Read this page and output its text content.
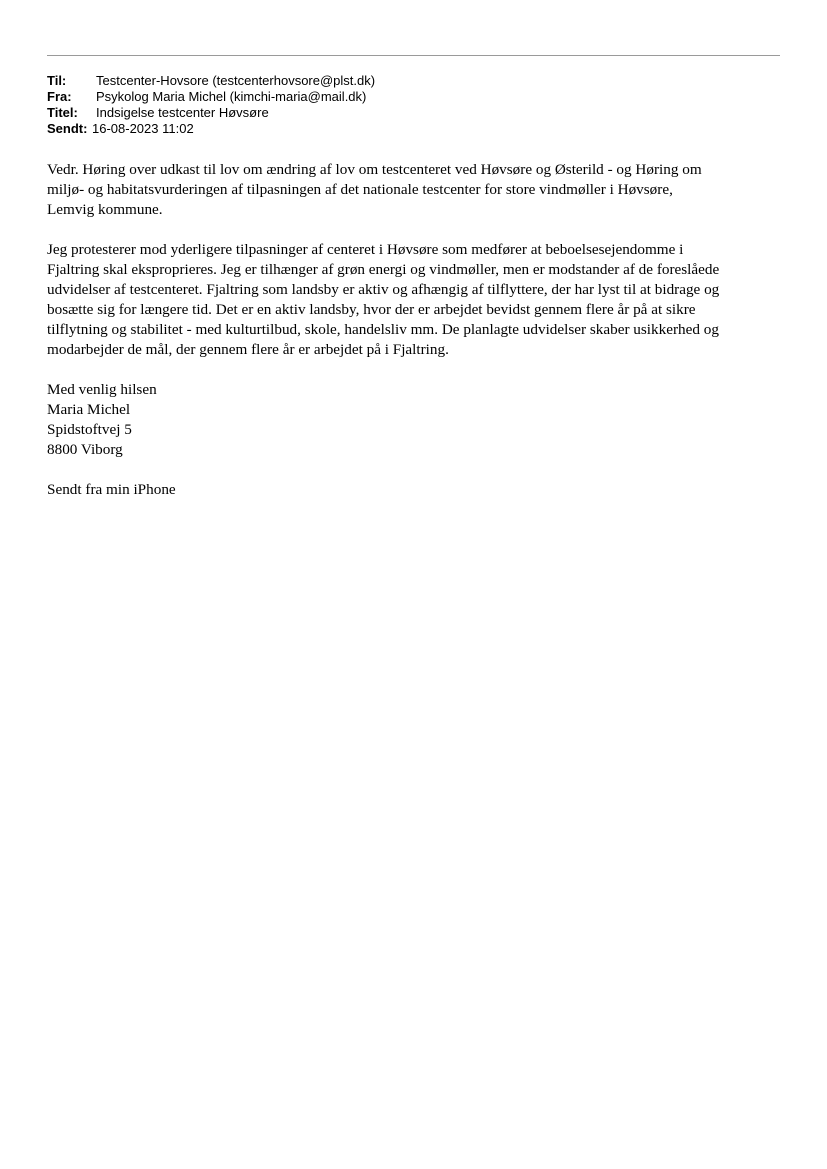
Til:	Testcenter-Hovsore (testcenterhovsore@plst.dk)
Fra:	Psykolog Maria Michel (kimchi-maria@mail.dk)
Titel:	Indsigelse testcenter Høvsøre
Sendt: 16-08-2023 11:02
Vedr. Høring over udkast til lov om ændring af lov om testcenteret ved Høvsøre og Østerild - og Høring om
miljø- og habitatsvurderingen af tilpasningen af det nationale testcenter for store vindmøller i Høvsøre,
Lemvig kommune.
Jeg protesterer mod yderligere tilpasninger af centeret i Høvsøre som medfører at beboelsesejendomme i
Fjaltring skal eksproprieres. Jeg er tilhænger af grøn energi og vindmøller, men er modstander af de foreslåede
udvidelser af testcenteret. Fjaltring som landsby er aktiv og afhængig af tilflyttere, der har lyst til at bidrage og
bosætte sig for længere tid. Det er en aktiv landsby, hvor der er arbejdet bevidst gennem flere år på at sikre
tilflytning og stabilitet - med kulturtilbud, skole, handelsliv mm. De planlagte udvidelser skaber usikkerhed og
modarbejder de mål, der gennem flere år er arbejdet på i Fjaltring.
Med venlig hilsen
Maria Michel
Spidstoftvej 5
8800 Viborg
Sendt fra min iPhone
